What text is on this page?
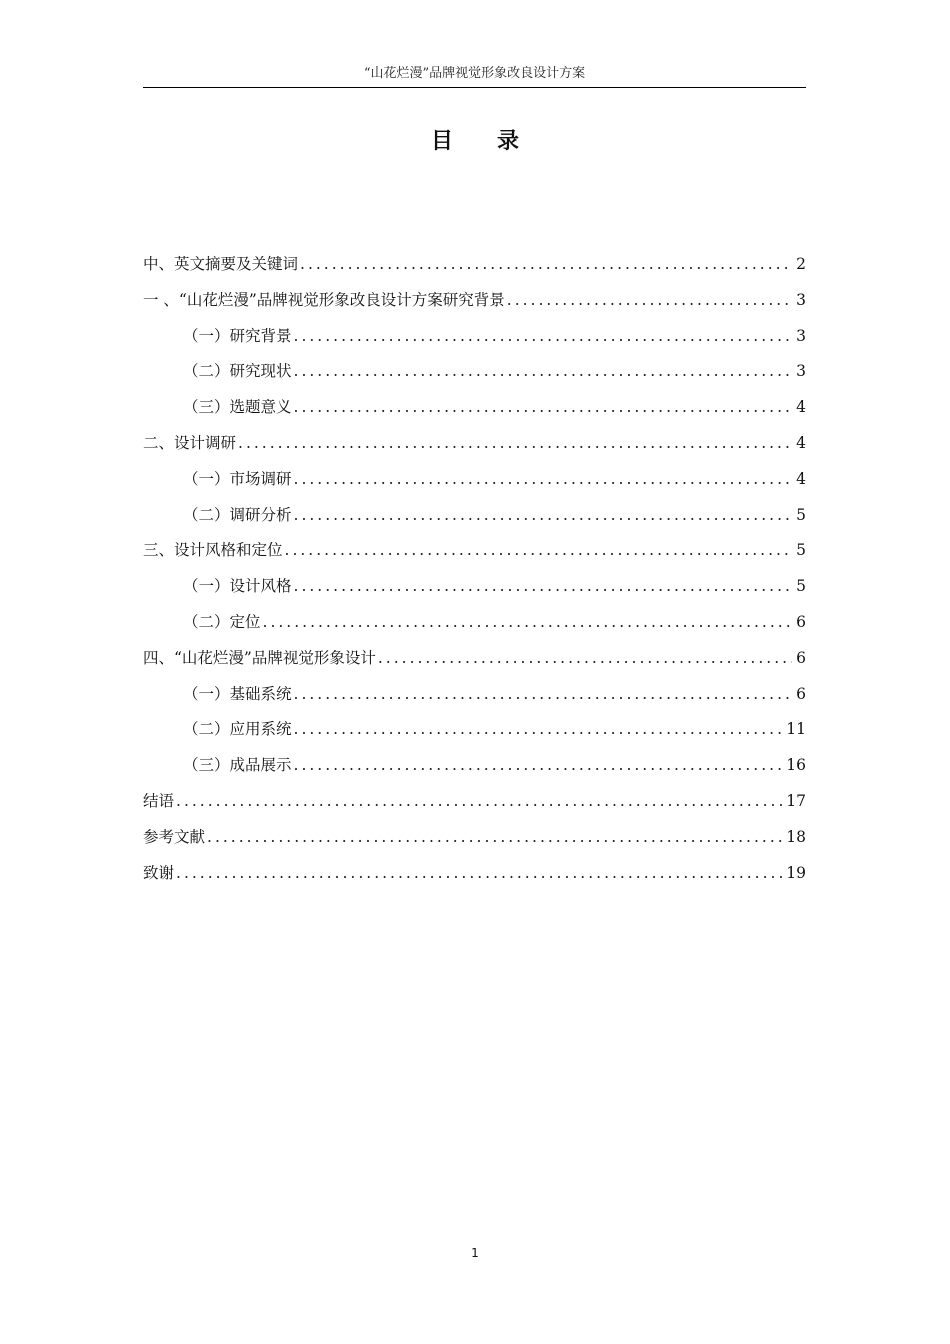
“山花烂漫”品牌视觉形象改良设计方案
目录
中、英文摘要及关键词 .....	2
一 、“山花烂漫”品牌视觉形象改良设计方案研究背景 .....	3
（一）研究背景 .....	3
（二）研究现状 .....	3
（三）选题意义 .....	4
二、设计调研 .....	4
（一）市场调研 .....	4
（二）调研分析 .....	5
三、设计风格和定位 .....	5
（一）设计风格 .....	5
（二）定位 .....	6
四、“山花烂漫”品牌视觉形象设计 .....	6
（一）基础系统 .....	6
（二）应用系统 .....	11
（三）成品展示 .....	16
结语 .....	17
参考文献 .....	18
致谢 .....	19
1
